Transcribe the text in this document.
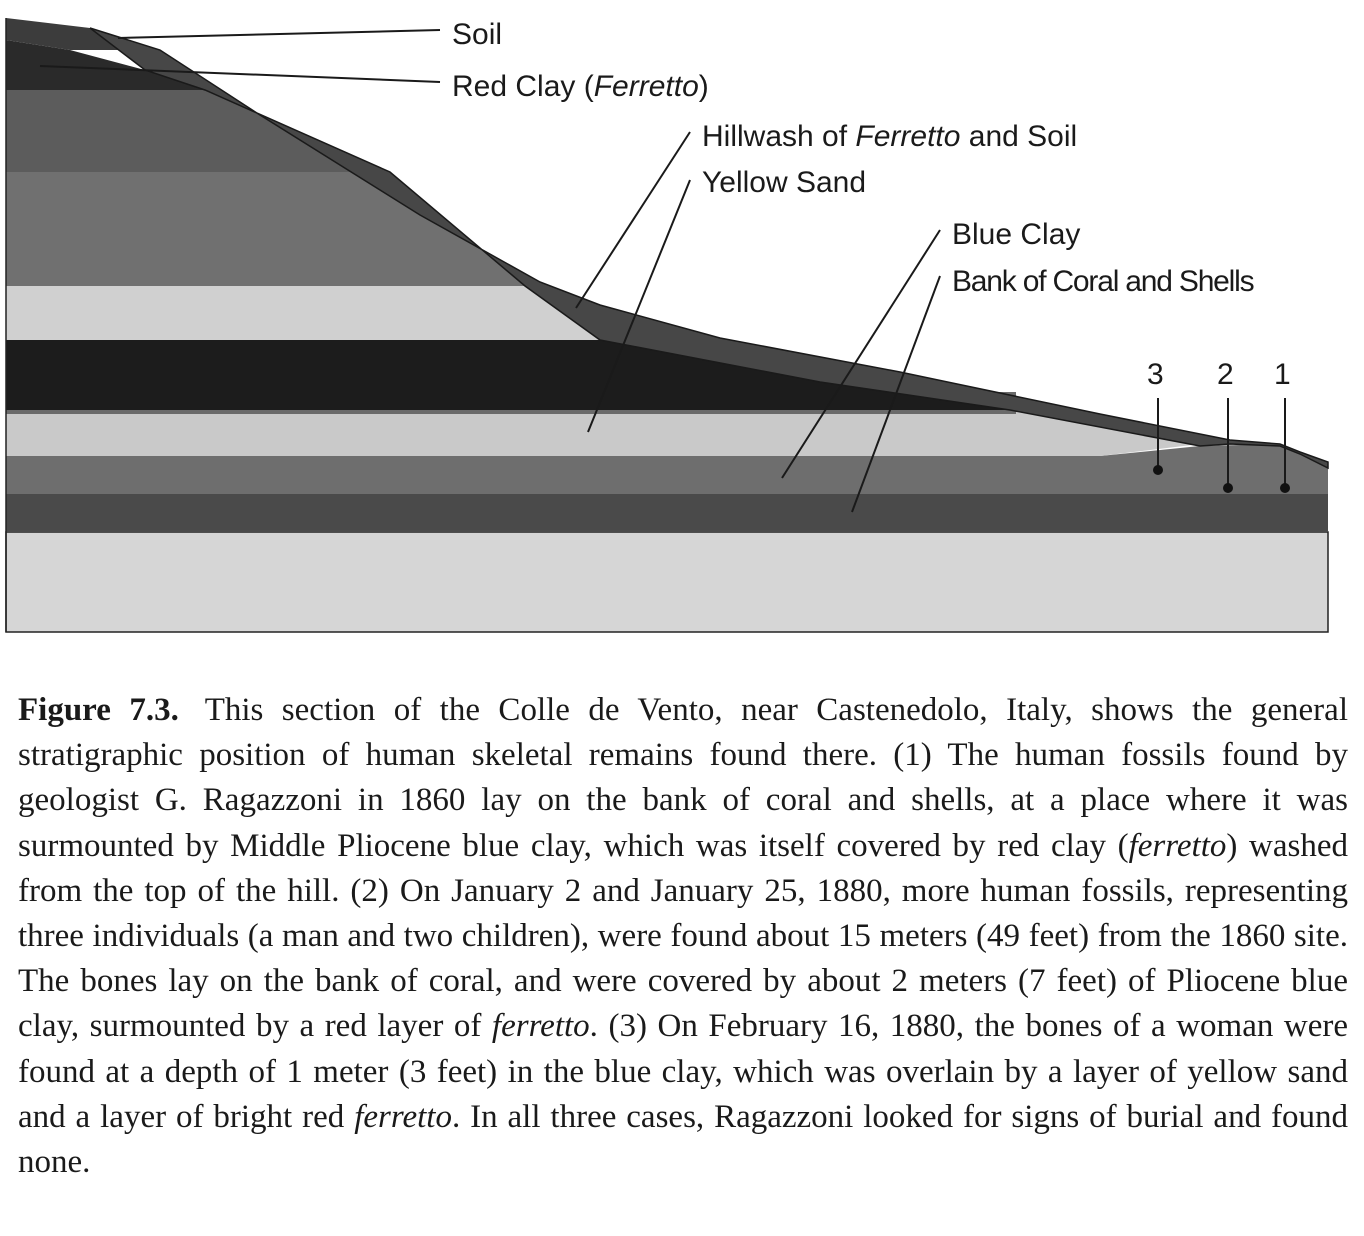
Soil
Red Clay (Ferretto)
Hillwash of Ferretto and Soil
Yellow Sand
Blue Clay
Bank of Coral and Shells
3 2 1
Figure 7.3. This section of the Colle de Vento, near Castenedolo, Italy, shows the general stratigraphic position of human skeletal remains found there. (1) The human fossils found by geologist G. Ragazzoni in 1860 lay on the bank of coral and shells, at a place where it was surmounted by Middle Pliocene blue clay, which was itself covered by red clay (ferretto) washed from the top of the hill. (2) On January 2 and January 25, 1880, more human fossils, representing three individuals (a man and two children), were found about 15 meters (49 feet) from the 1860 site. The bones lay on the bank of coral, and were covered by about 2 meters (7 feet) of Pliocene blue clay, surmounted by a red layer of ferretto. (3) On February 16, 1880, the bones of a woman were found at a depth of 1 meter (3 feet) in the blue clay, which was overlain by a layer of yellow sand and a layer of bright red ferretto. In all three cases, Ragazzoni looked for signs of burial and found none.
